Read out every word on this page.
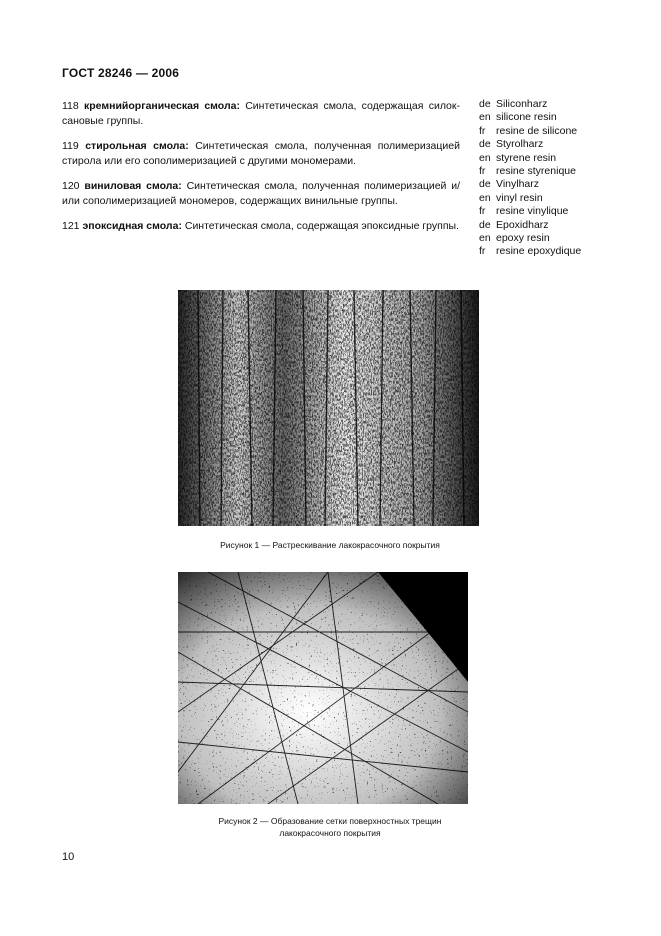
ГОСТ 28246 — 2006
118 кремнийорганическая смола: Синтетическая смола, содержащая силоксановые группы.
119 стирольная смола: Синтетическая смола, полученная полимеризацией стирола или его сополимеризацией с другими мономерами.
120 виниловая смола: Синтетическая смола, полученная полимеризацией и/или сополимеризацией мономеров, содержащих винильные группы.
121 эпоксидная смола: Синтетическая смола, содержащая эпоксидные группы.
de Siliconharz
en silicone resin
fr	resine de silicone
de Styrolharz
en styrene resin
fr	resine styrenique
de Vinylharz
en vinyl resin
fr	resine vinylique
de Epoxidharz
en epoxy resin
fr	resine epoxydique
Рисунок 1 — Растрескивание лакокрасочного покрытия
Рисунок 2 — Образование сетки поверхностных трещин
лакокрасочного покрытия
10
